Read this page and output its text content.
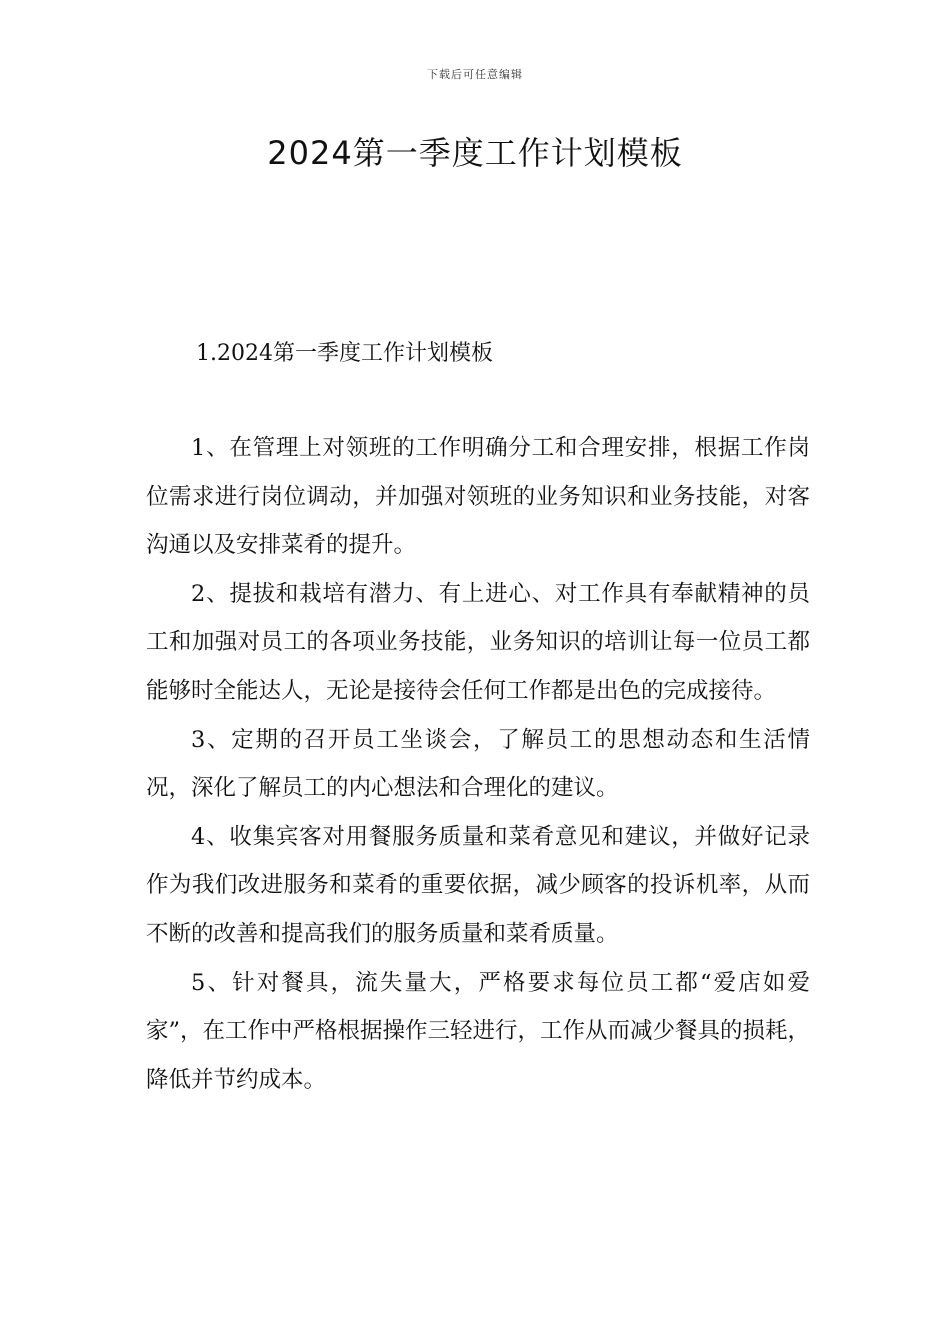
下载后可任意编辑
2024第一季度工作计划模板
1.2024第一季度工作计划模板

1、在管理上对领班的工作明确分工和合理安排，根据工作岗位需求进行岗位调动，并加强对领班的业务知识和业务技能，对客沟通以及安排菜肴的提升。

2、提拔和栽培有潜力、有上进心、对工作具有奉献精神的员工和加强对员工的各项业务技能，业务知识的培训让每一位员工都能够时全能达人，无论是接待会任何工作都是出色的完成接待。

3、定期的召开员工坐谈会，了解员工的思想动态和生活情况，深化了解员工的内心想法和合理化的建议。

4、收集宾客对用餐服务质量和菜肴意见和建议，并做好记录作为我们改进服务和菜肴的重要依据，减少顾客的投诉机率，从而不断的改善和提高我们的服务质量和菜肴质量。

5、针对餐具，流失量大，严格要求每位员工都“爱店如爱家”，在工作中严格根据操作三轻进行，工作从而减少餐具的损耗，降低并节约成本。
